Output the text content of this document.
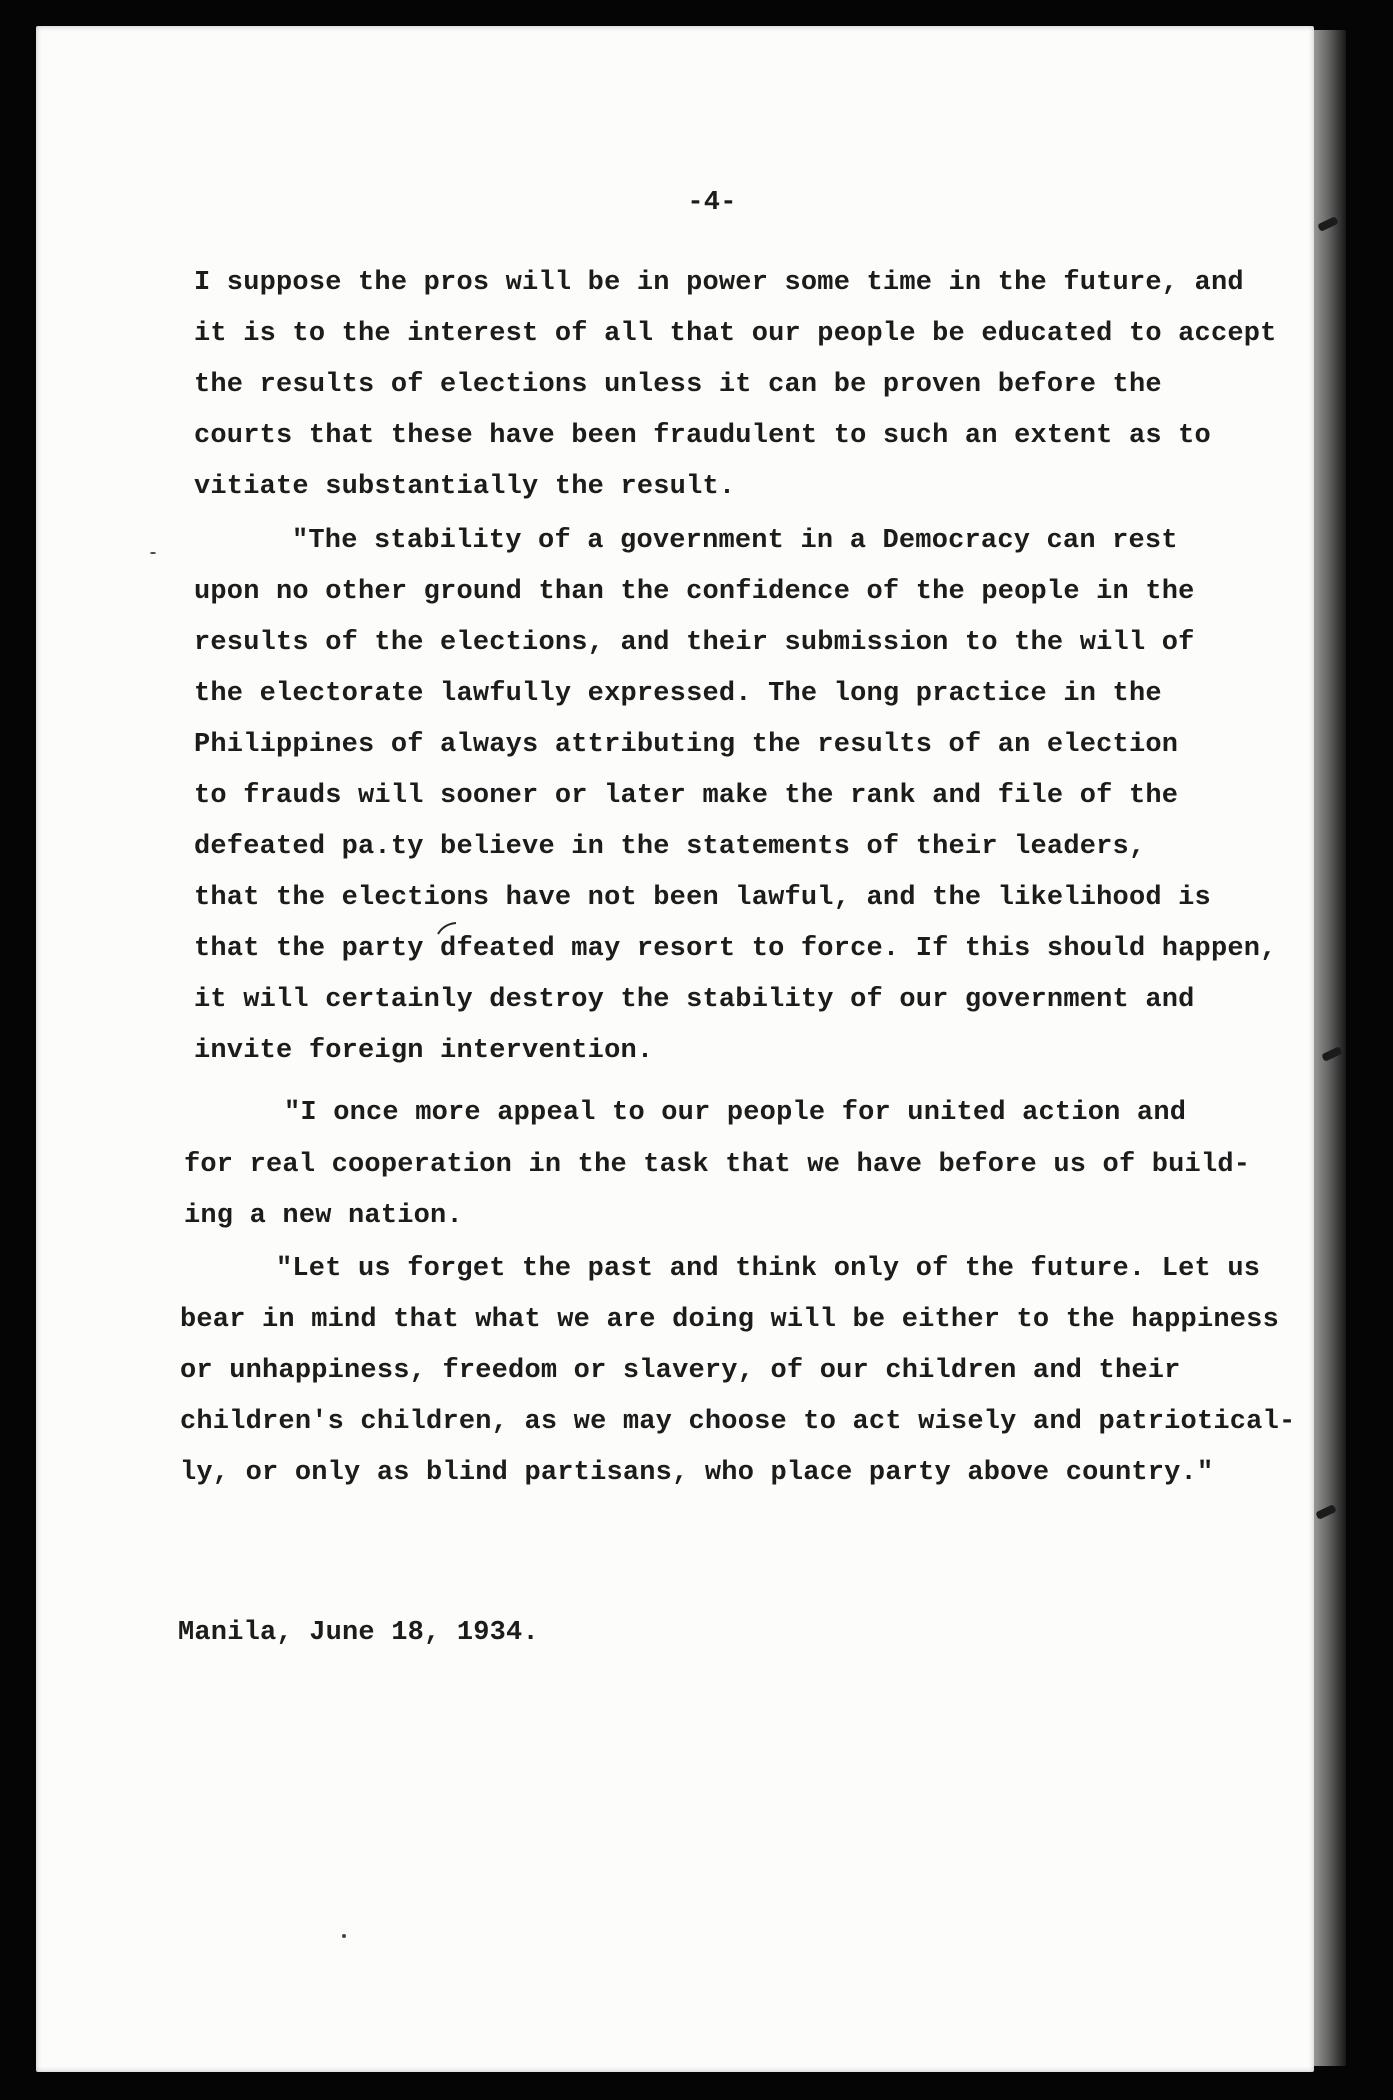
-4-
I suppose the pros will be in power some time in the future, and
it is to the interest of all that our people be educated to accept
the results of elections unless it can be proven before the
courts that these have been fraudulent to such an extent as to
vitiate substantially the result.
"The stability of a government in a Democracy can rest
upon no other ground than the confidence of the people in the
results of the elections, and their submission to the will of
the electorate lawfully expressed. The long practice in the
Philippines of always attributing the results of an election
to frauds will sooner or later make the rank and file of the
defeated pa.ty believe in the statements of their leaders,
that the elections have not been lawful, and the likelihood is
that the party dfeated may resort to force. If this should happen,
it will certainly destroy the stability of our government and
invite foreign intervention.
"I once more appeal to our people for united action and
for real cooperation in the task that we have before us of build-
ing a new nation.
"Let us forget the past and think only of the future. Let us
bear in mind that what we are doing will be either to the happiness
or unhappiness, freedom or slavery, of our children and their
children's children, as we may choose to act wisely and patriotical-
ly, or only as blind partisans, who place party above country."
Manila, June 18, 1934.
